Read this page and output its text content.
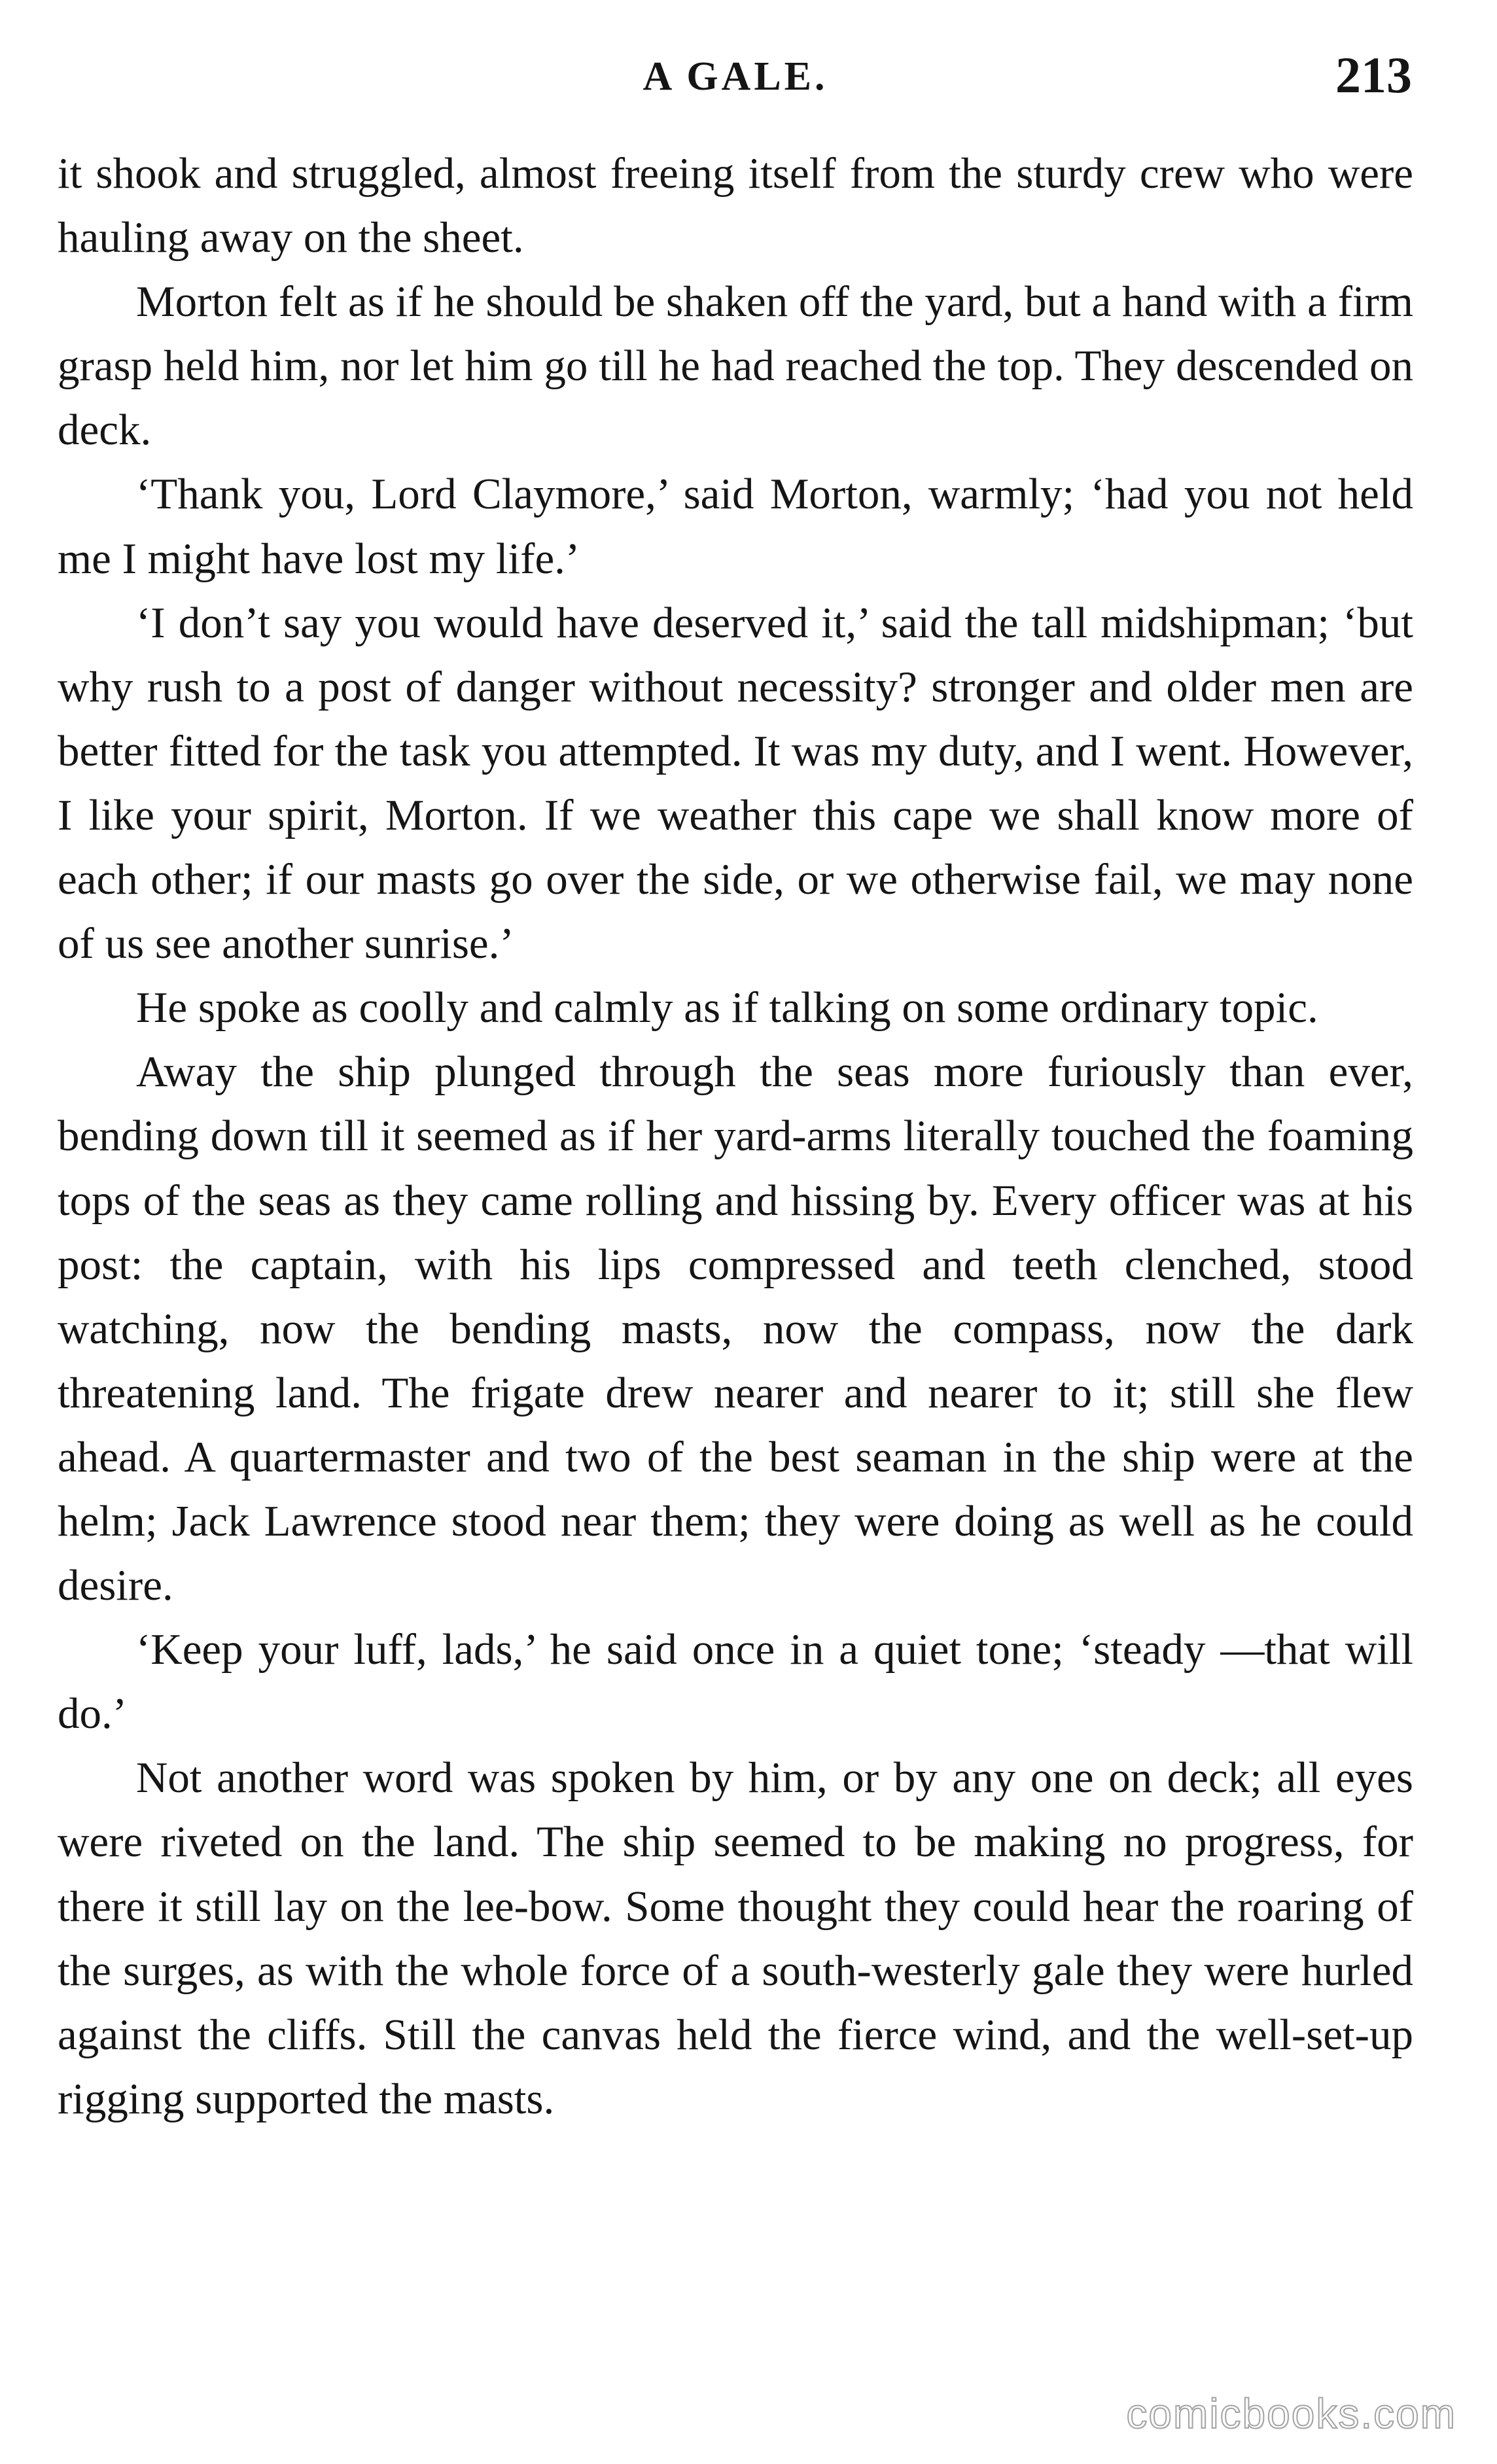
A GALE.	213

it shook and struggled, almost freeing itself from the sturdy crew who were hauling away on the sheet.

Morton felt as if he should be shaken off the yard, but a hand with a firm grasp held him, nor let him go till he had reached the top. They descended on deck.

‘Thank you, Lord Claymore,’ said Morton, warmly; ‘had you not held me I might have lost my life.’

‘I don’t say you would have deserved it,’ said the tall midshipman; ‘but why rush to a post of danger without necessity? stronger and older men are better fitted for the task you attempted. It was my duty, and I went. However, I like your spirit, Morton. If we weather this cape we shall know more of each other; if our masts go over the side, or we otherwise fail, we may none of us see another sunrise.’

He spoke as coolly and calmly as if talking on some ordinary topic.

Away the ship plunged through the seas more furiously than ever, bending down till it seemed as if her yard-arms literally touched the foaming tops of the seas as they came rolling and hissing by. Every officer was at his post: the captain, with his lips compressed and teeth clenched, stood watching, now the bending masts, now the compass, now the dark threatening land. The frigate drew nearer and nearer to it; still she flew ahead. A quartermaster and two of the best seaman in the ship were at the helm; Jack Lawrence stood near them; they were doing as well as he could desire.

‘Keep your luff, lads,’ he said once in a quiet tone; ‘steady —that will do.’

Not another word was spoken by him, or by any one on deck; all eyes were riveted on the land. The ship seemed to be making no progress, for there it still lay on the lee-bow. Some thought they could hear the roaring of the surges, as with the whole force of a south-westerly gale they were hurled against the cliffs. Still the canvas held the fierce wind, and the well-set-up rigging supported the masts.

comicbooks.com
